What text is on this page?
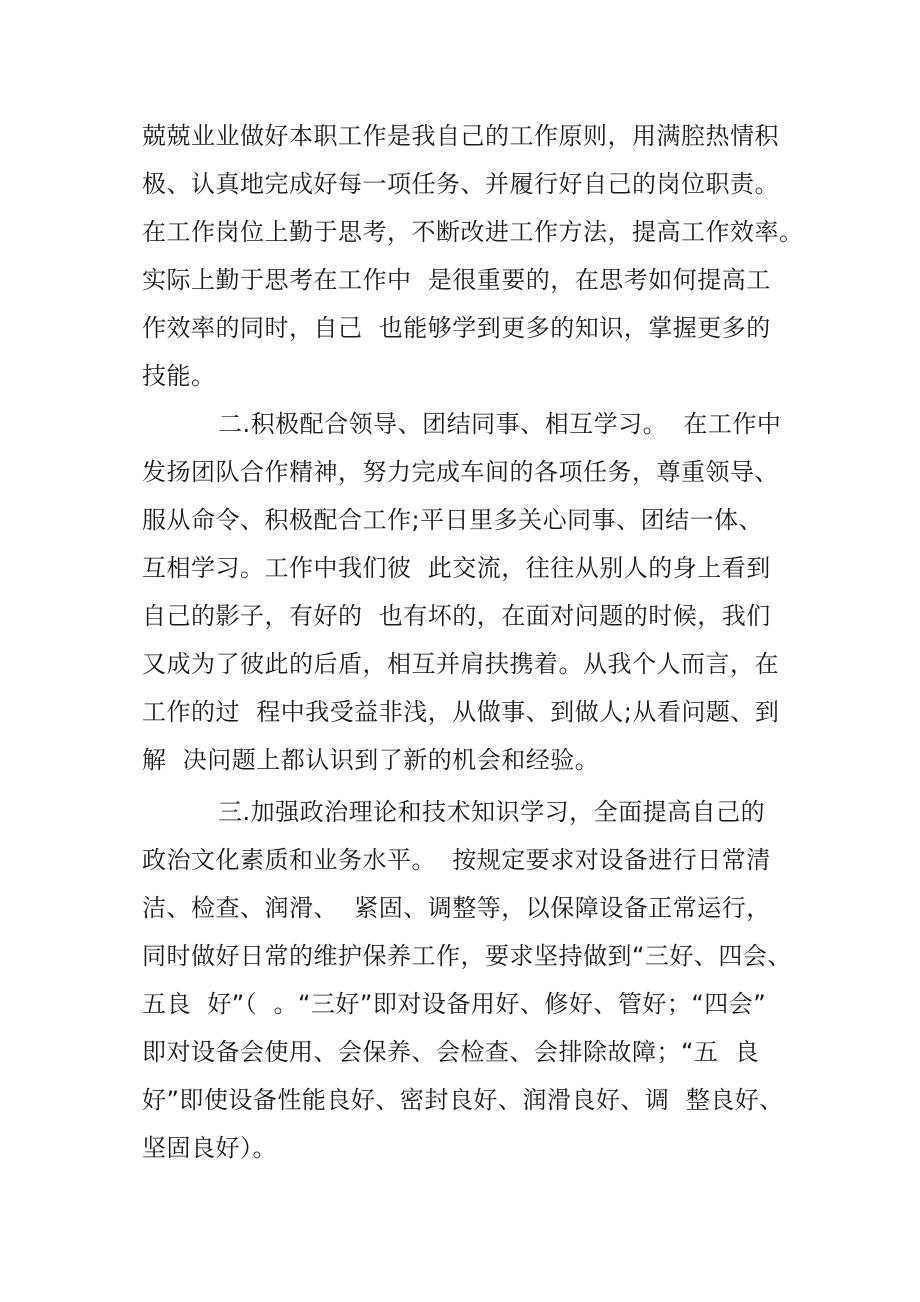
兢兢业业做好本职工作是我自己的工作原则，用满腔热情积
极、认真地完成好每一项任务、并履行好自己的岗位职责。
在工作岗位上勤于思考，不断改进工作方法，提高工作效率。
实际上勤于思考在工作中  是很重要的，在思考如何提高工
作效率的同时，自己  也能够学到更多的知识，掌握更多的
技能。
二.积极配合领导、团结同事、相互学习。  在工作中
发扬团队合作精神，努力完成车间的各项任务，尊重领导、
服从命令、积极配合工作;平日里多关心同事、团结一体、
互相学习。工作中我们彼  此交流，往往从别人的身上看到
自己的影子，有好的  也有坏的，在面对问题的时候，我们
又成为了彼此的后盾，相互并肩扶携着。从我个人而言，在
工作的过  程中我受益非浅，从做事、到做人;从看问题、到
解  决问题上都认识到了新的机会和经验。
三.加强政治理论和技术知识学习，全面提高自己的
政治文化素质和业务水平。  按规定要求对设备进行日常清
洁、检查、润滑、  紧固、调整等，以保障设备正常运行，
同时做好日常的维护保养工作，要求坚持做到“三好、四会、
五良  好”（  。“三好”即对设备用好、修好、管好；“四会”
即对设备会使用、会保养、会检查、会排除故障；“五  良
好”即使设备性能良好、密封良好、润滑良好、调  整良好、
坚固良好）。
